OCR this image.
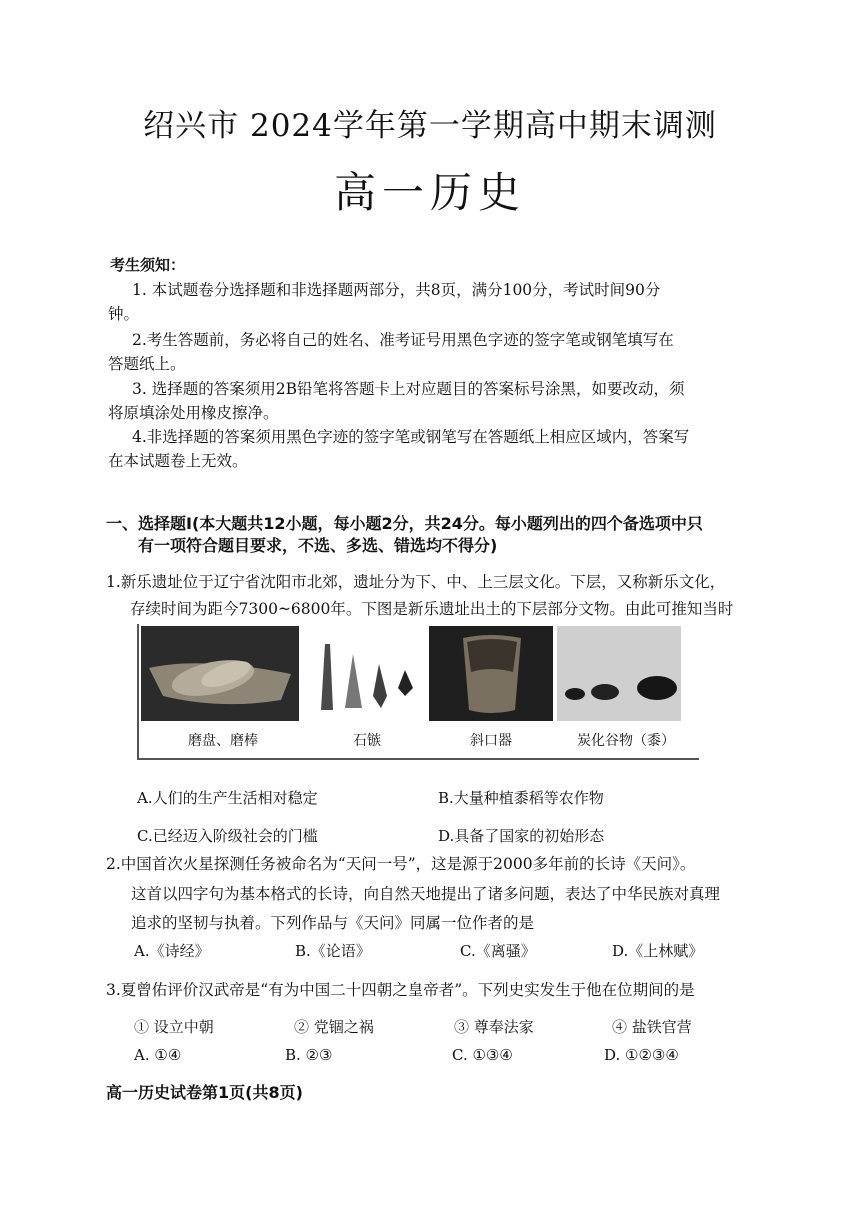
绍兴市 2024学年第一学期高中期末调测
高一历史
考生须知：
1. 本试题卷分选择题和非选择题两部分，共8页，满分100分，考试时间90分
钟。
2.考生答题前，务必将自己的姓名、准考证号用黑色字迹的签字笔或钢笔填写在
答题纸上。
3. 选择题的答案须用2B铅笔将答题卡上对应题目的答案标号涂黑，如要改动，须
将原填涂处用橡皮擦净。
4.非选择题的答案须用黑色字迹的签字笔或钢笔写在答题纸上相应区域内，答案写
在本试题卷上无效。
一、选择题Ⅰ(本大题共12小题，每小题2分，共24分。每小题列出的四个备选项中只
有一项符合题目要求，不选、多选、错选均不得分)
1.新乐遗址位于辽宁省沈阳市北郊，遗址分为下、中、上三层文化。下层，又称新乐文化，
存续时间为距今7300~6800年。下图是新乐遗址出土的下层部分文物。由此可推知当时
磨盘、磨棒	石镞	斜口器	炭化谷物（黍）
A.人们的生产生活相对稳定	B.大量种植黍稻等农作物
C.已经迈入阶级社会的门槛	D.具备了国家的初始形态
2.中国首次火星探测任务被命名为“天问一号”，这是源于2000多年前的长诗《天问》。
这首以四字句为基本格式的长诗，向自然天地提出了诸多问题，表达了中华民族对真理
追求的坚韧与执着。下列作品与《天问》同属一位作者的是
A.《诗经》	B.《论语》	C.《离骚》	D.《上林赋》
3.夏曾佑评价汉武帝是“有为中国二十四朝之皇帝者”。下列史实发生于他在位期间的是
① 设立中朝	② 党锢之祸	③ 尊奉法家	④ 盐铁官营
A. ①④	B. ②③	C. ①③④	D. ①②③④
高一历史试卷第1页(共8页)
